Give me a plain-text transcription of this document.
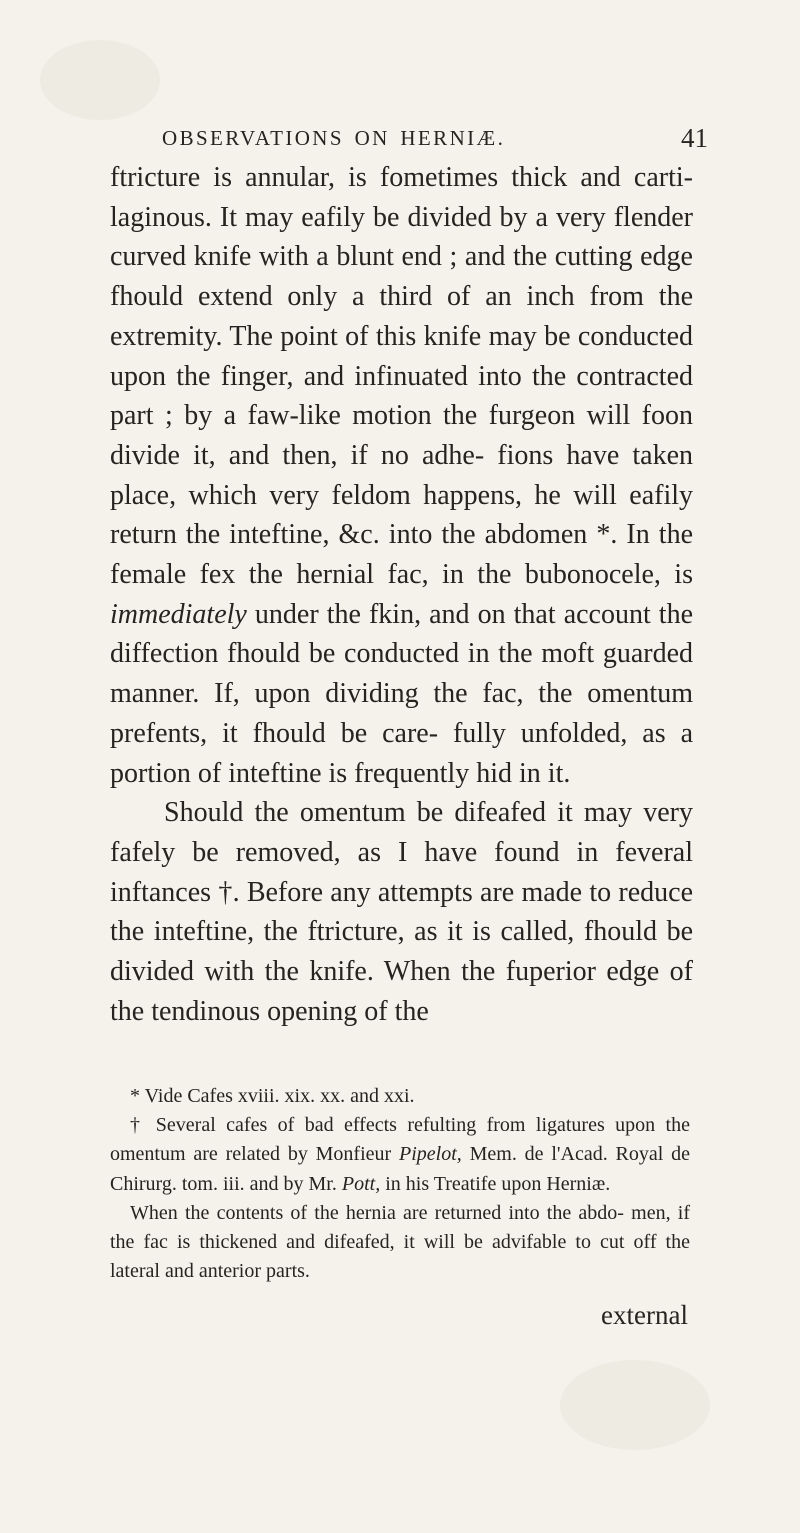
OBSERVATIONS ON HERNIÆ.	41

ftricture is annular, is fometimes thick and carti- laginous. It may eafily be divided by a very flender curved knife with a blunt end ; and the cutting edge fhould extend only a third of an inch from the extremity. The point of this knife may be conducted upon the finger, and infinuated into the contracted part ; by a faw-like motion the furgeon will foon divide it, and then, if no adhe- fions have taken place, which very feldom happens, he will eafily return the inteftine, &c. into the abdomen *. In the female fex the hernial fac, in the bubonocele, is immediately under the fkin, and on that account the diffection fhould be conducted in the moft guarded manner. If, upon dividing the fac, the omentum prefents, it fhould be care- fully unfolded, as a portion of inteftine is frequently hid in it.

Should the omentum be difeafed it may very fafely be removed, as I have found in feveral inftances †. Before any attempts are made to reduce the inteftine, the ftricture, as it is called, fhould be divided with the knife. When the fuperior edge of the tendinous opening of the

* Vide Cafes xviii. xix. xx. and xxi.

† Several cafes of bad effects refulting from ligatures upon the omentum are related by Monfieur Pipelot, Mem. de l'Acad. Royal de Chirurg. tom. iii. and by Mr. Pott, in his Treatife upon Herniæ.

When the contents of the hernia are returned into the abdo- men, if the fac is thickened and difeafed, it will be advifable to cut off the lateral and anterior parts.

external
